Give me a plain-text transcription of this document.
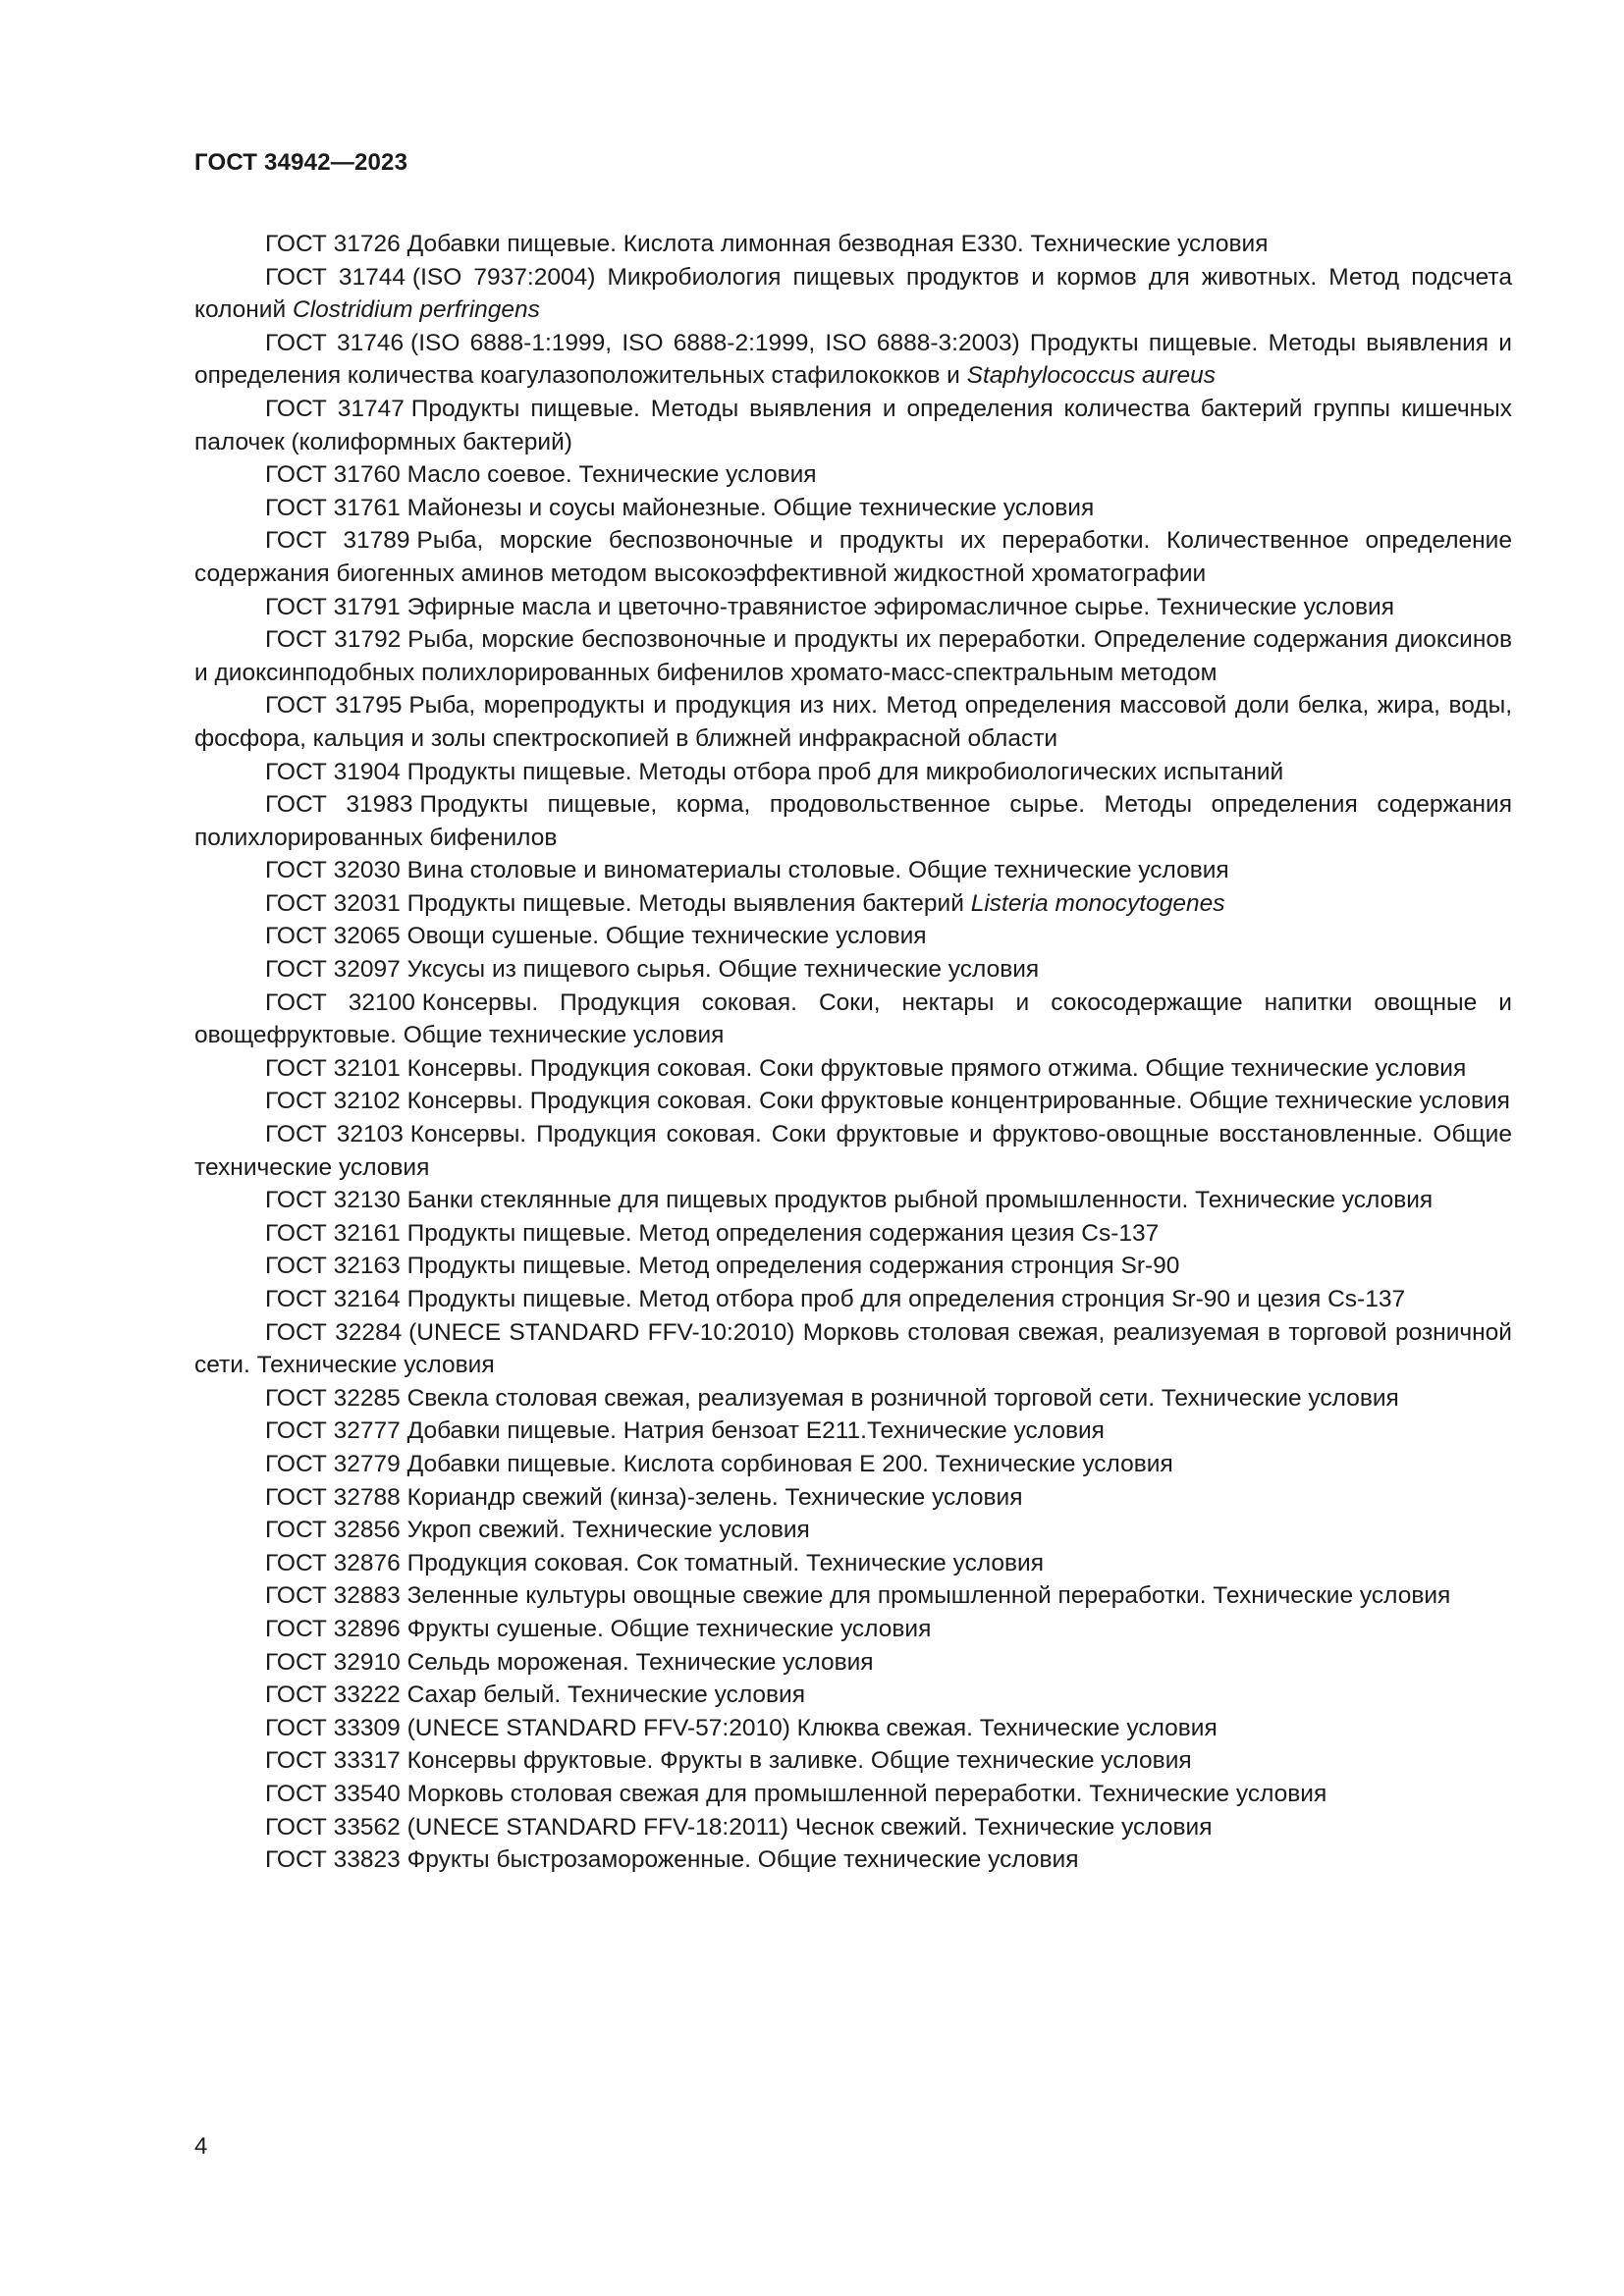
ГОСТ 34942—2023
ГОСТ 31726 Добавки пищевые. Кислота лимонная безводная Е330. Технические условия
ГОСТ 31744 (ISO 7937:2004) Микробиология пищевых продуктов и кормов для животных. Метод подсчета колоний Clostridium perfringens
ГОСТ 31746 (ISO 6888-1:1999, ISO 6888-2:1999, ISO 6888-3:2003) Продукты пищевые. Методы выявления и определения количества коагулазоположительных стафилококков и Staphylococcus aureus
ГОСТ 31747 Продукты пищевые. Методы выявления и определения количества бактерий группы кишечных палочек (колиформных бактерий)
ГОСТ 31760 Масло соевое. Технические условия
ГОСТ 31761 Майонезы и соусы майонезные. Общие технические условия
ГОСТ 31789 Рыба, морские беспозвоночные и продукты их переработки. Количественное определение содержания биогенных аминов методом высокоэффективной жидкостной хроматографии
ГОСТ 31791 Эфирные масла и цветочно-травянистое эфиромасличное сырье. Технические условия
ГОСТ 31792 Рыба, морские беспозвоночные и продукты их переработки. Определение содержания диоксинов и диоксинподобных полихлорированных бифенилов хромато-масс-спектральным методом
ГОСТ 31795 Рыба, морепродукты и продукция из них. Метод определения массовой доли белка, жира, воды, фосфора, кальция и золы спектроскопией в ближней инфракрасной области
ГОСТ 31904 Продукты пищевые. Методы отбора проб для микробиологических испытаний
ГОСТ 31983 Продукты пищевые, корма, продовольственное сырье. Методы определения содержания полихлорированных бифенилов
ГОСТ 32030 Вина столовые и виноматериалы столовые. Общие технические условия
ГОСТ 32031 Продукты пищевые. Методы выявления бактерий Listeria monocytogenes
ГОСТ 32065 Овощи сушеные. Общие технические условия
ГОСТ 32097 Уксусы из пищевого сырья. Общие технические условия
ГОСТ 32100 Консервы. Продукция соковая. Соки, нектары и сокосодержащие напитки овощные и овощефруктовые. Общие технические условия
ГОСТ 32101 Консервы. Продукция соковая. Соки фруктовые прямого отжима. Общие технические условия
ГОСТ 32102 Консервы. Продукция соковая. Соки фруктовые концентрированные. Общие технические условия
ГОСТ 32103 Консервы. Продукция соковая. Соки фруктовые и фруктово-овощные восстановленные. Общие технические условия
ГОСТ 32130 Банки стеклянные для пищевых продуктов рыбной промышленности. Технические условия
ГОСТ 32161 Продукты пищевые. Метод определения содержания цезия Cs-137
ГОСТ 32163 Продукты пищевые. Метод определения содержания стронция Sr-90
ГОСТ 32164 Продукты пищевые. Метод отбора проб для определения стронция Sr-90 и цезия Cs-137
ГОСТ 32284 (UNECE STANDARD FFV-10:2010) Морковь столовая свежая, реализуемая в торговой розничной сети. Технические условия
ГОСТ 32285 Свекла столовая свежая, реализуемая в розничной торговой сети. Технические условия
ГОСТ 32777 Добавки пищевые. Натрия бензоат Е211.Технические условия
ГОСТ 32779 Добавки пищевые. Кислота сорбиновая Е 200. Технические условия
ГОСТ 32788 Кориандр свежий (кинза)-зелень. Технические условия
ГОСТ 32856 Укроп свежий. Технические условия
ГОСТ 32876 Продукция соковая. Сок томатный. Технические условия
ГОСТ 32883 Зеленные культуры овощные свежие для промышленной переработки. Технические условия
ГОСТ 32896 Фрукты сушеные. Общие технические условия
ГОСТ 32910 Сельдь мороженая. Технические условия
ГОСТ 33222 Сахар белый. Технические условия
ГОСТ 33309 (UNECE STANDARD FFV-57:2010) Клюква свежая. Технические условия
ГОСТ 33317 Консервы фруктовые. Фрукты в заливке. Общие технические условия
ГОСТ 33540 Морковь столовая свежая для промышленной переработки. Технические условия
ГОСТ 33562 (UNECE STANDARD FFV-18:2011) Чеснок свежий. Технические условия
ГОСТ 33823 Фрукты быстрозамороженные. Общие технические условия

4
